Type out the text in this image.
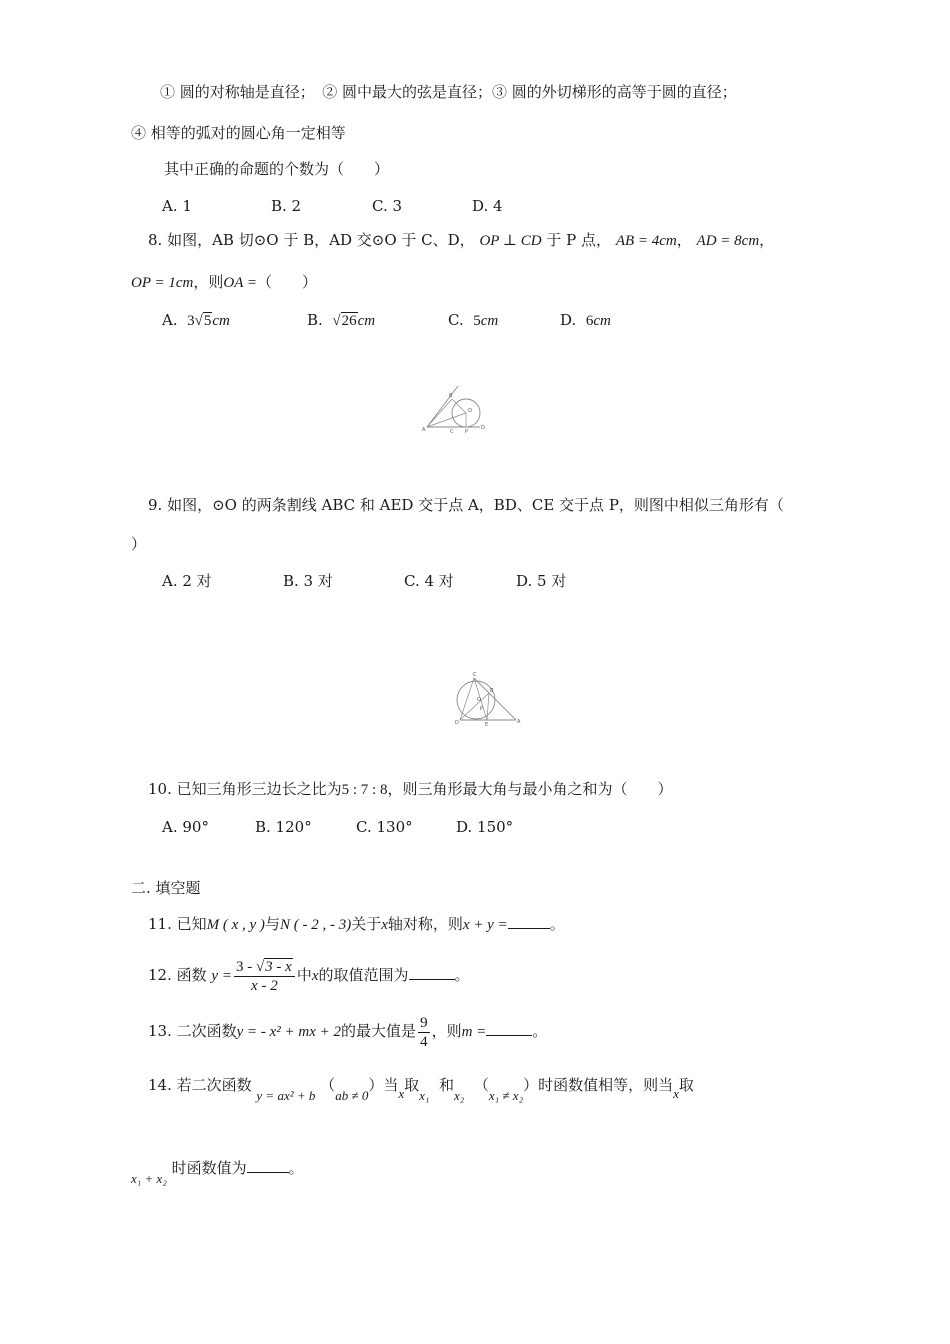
① 圆的对称轴是直径；　② 圆中最大的弦是直径；③ 圆的外切梯形的高等于圆的直径；
④ 相等的弧对的圆心角一定相等
其中正确的命题的个数为（　　）
A. 1	B. 2	C. 3	D. 4
8. 如图，AB 切⊙O 于 B，AD 交⊙O 于 C、D， OP ⊥ CD 于 P 点， AB = 4cm， AD = 8cm，
OP = 1cm，则OA =（　　）
A. 3√5cm	B. √26cm	C. 5cm	D. 6cm
B
O
A	C P
D
9. 如图，⊙O 的两条割线 ABC 和 AED 交于点 A，BD、CE 交于点 P，则图中相似三角形有（
）
A. 2 对	B. 3 对	C. 4 对	D. 5 对
C
B
O
P
D	E	A
10. 已知三角形三边长之比为5 : 7 : 8，则三角形最大角与最小角之和为（　　）
A. 90°	B. 120°	C. 130°	D. 150°
二. 填空题
11. 已知M ( x , y )与N ( - 2 , - 3)关于x轴对称，则x + y =	。
12. 函数 $y = \frac{3 - √3 - x}{x - 2}$ 中x的取值范围为	。
13. 二次函数y = - x² + mx + 2的最大值是 $\frac{9}{4}$ ，则m =	。
14. 若二次函数 y = ax² + b （ab ≠ 0）当x取x₁  和x₂  （x₁ ≠ x₂）时函数值相等，则当x取
x₁ + x₂ 时函数值为	。
